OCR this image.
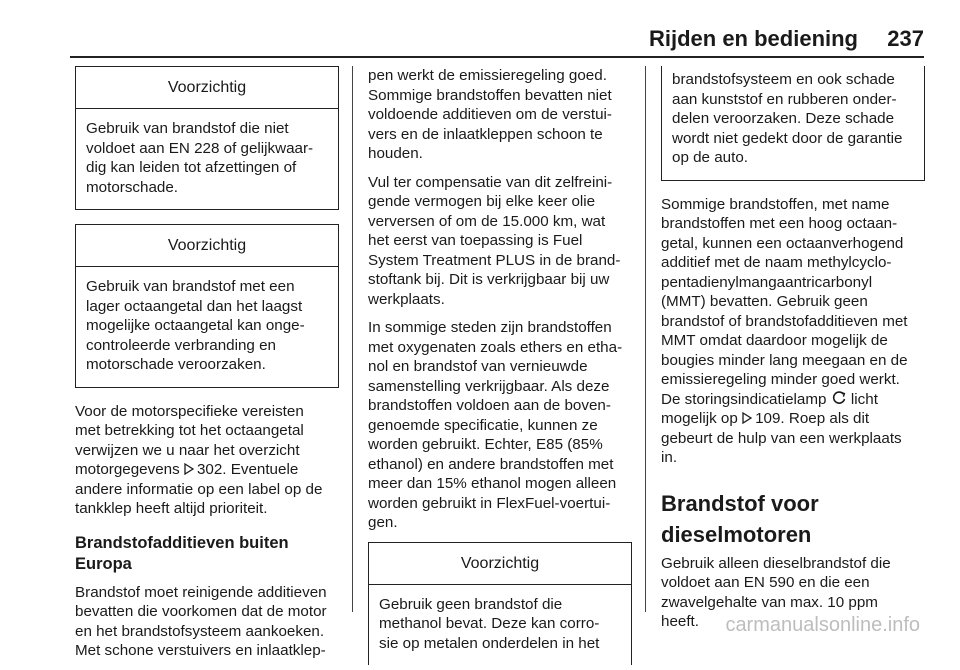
Rijden en bediening 237
Voorzichtig
Gebruik van brandstof die niet
voldoet aan EN 228 of gelijkwaar-
dig kan leiden tot afzettingen of
motorschade.
Voorzichtig
Gebruik van brandstof met een
lager octaangetal dan het laagst
mogelijke octaangetal kan onge-
controleerde verbranding en
motorschade veroorzaken.

Voor de motorspecifieke vereisten
met betrekking tot het octaangetal
verwijzen we u naar het overzicht
motorgegevens 302. Eventuele
andere informatie op een label op de
tankklep heeft altijd prioriteit.

Brandstofadditieven buiten
Europa

Brandstof moet reinigende additieven
bevatten die voorkomen dat de motor
en het brandstofsysteem aankoeken.
Met schone verstuivers en inlaatklep-

pen werkt de emissieregeling goed.
Sommige brandstoffen bevatten niet
voldoende additieven om de verstui-
vers en de inlaatkleppen schoon te
houden.

Vul ter compensatie van dit zelfreini-
gende vermogen bij elke keer olie
verversen of om de 15.000 km, wat
het eerst van toepassing is Fuel
System Treatment PLUS in de brand-
stoftank bij. Dit is verkrijgbaar bij uw
werkplaats.

In sommige steden zijn brandstoffen
met oxygenaten zoals ethers en etha-
nol en brandstof van vernieuwde
samenstelling verkrijgbaar. Als deze
brandstoffen voldoen aan de boven-
genoemde specificatie, kunnen ze
worden gebruikt. Echter, E85 (85%
ethanol) en andere brandstoffen met
meer dan 15% ethanol mogen alleen
worden gebruikt in FlexFuel-voertui-
gen.

Voorzichtig
Gebruik geen brandstof die
methanol bevat. Deze kan corro-
sie op metalen onderdelen in het
brandstofsysteem en ook schade
aan kunststof en rubberen onder-
delen veroorzaken. Deze schade
wordt niet gedekt door de garantie
op de auto.

Sommige brandstoffen, met name
brandstoffen met een hoog octaan-
getal, kunnen een octaanverhogend
additief met de naam methylcyclo-
pentadienylmangaantricarbonyl
(MMT) bevatten. Gebruik geen
brandstof of brandstofadditieven met
MMT omdat daardoor mogelijk de
bougies minder lang meegaan en de
emissieregeling minder goed werkt.
De storingsindicatielamp  licht
mogelijk op 109. Roep als dit
gebeurt de hulp van een werkplaats
in.

Brandstof voor
dieselmotoren

Gebruik alleen dieselbrandstof die
voldoet aan EN 590 en die een
zwavelgehalte van max. 10 ppm
heeft.	carmanualsonline.info
